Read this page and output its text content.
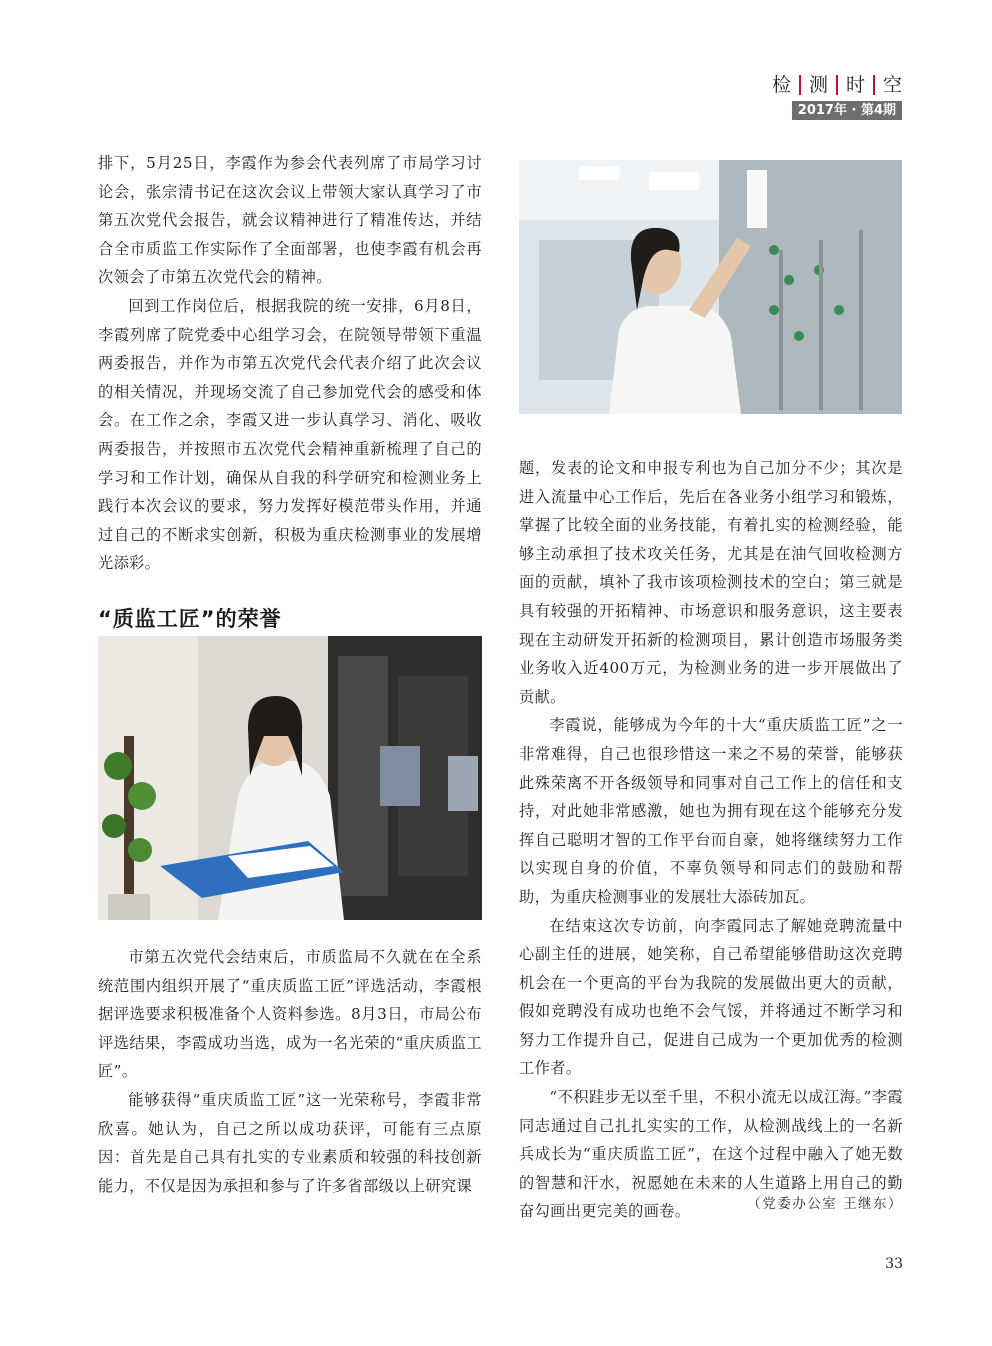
检 测 时 空
2017年 · 第4期

排下，5月25日，李霞作为参会代表列席了市局学习讨论会，张宗清书记在这次会议上带领大家认真学习了市第五次党代会报告，就会议精神进行了精准传达，并结合全市质监工作实际作了全面部署，也使李霞有机会再次领会了市第五次党代会的精神。

回到工作岗位后，根据我院的统一安排，6月8日，李霞列席了院党委中心组学习会，在院领导带领下重温两委报告，并作为市第五次党代会代表介绍了此次会议的相关情况，并现场交流了自己参加党代会的感受和体会。在工作之余，李霞又进一步认真学习、消化、吸收两委报告，并按照市五次党代会精神重新梳理了自己的学习和工作计划，确保从自我的科学研究和检测业务上践行本次会议的要求，努力发挥好模范带头作用，并通过自己的不断求实创新，积极为重庆检测事业的发展增光添彩。

“质监工匠”的荣誉

市第五次党代会结束后，市质监局不久就在在全系统范围内组织开展了“重庆质监工匠”评选活动，李霞根据评选要求积极准备个人资料参选。8月3日，市局公布评选结果，李霞成功当选，成为一名光荣的“重庆质监工匠”。

能够获得“重庆质监工匠”这一光荣称号，李霞非常欣喜。她认为，自己之所以成功获评，可能有三点原因：首先是自己具有扎实的专业素质和较强的科技创新能力，不仅是因为承担和参与了许多省部级以上研究课

题，发表的论文和申报专利也为自己加分不少；其次是进入流量中心工作后，先后在各业务小组学习和锻炼，掌握了比较全面的业务技能，有着扎实的检测经验，能够主动承担了技术攻关任务，尤其是在油气回收检测方面的贡献，填补了我市该项检测技术的空白；第三就是具有较强的开拓精神、市场意识和服务意识，这主要表现在主动研发开拓新的检测项目，累计创造市场服务类业务收入近400万元，为检测业务的进一步开展做出了贡献。

李霞说，能够成为今年的十大“重庆质监工匠”之一非常难得，自己也很珍惜这一来之不易的荣誉，能够获此殊荣离不开各级领导和同事对自己工作上的信任和支持，对此她非常感激，她也为拥有现在这个能够充分发挥自己聪明才智的工作平台而自豪，她将继续努力工作以实现自身的价值，不辜负领导和同志们的鼓励和帮助，为重庆检测事业的发展壮大添砖加瓦。

在结束这次专访前，向李霞同志了解她竞聘流量中心副主任的进展，她笑称，自己希望能够借助这次竞聘机会在一个更高的平台为我院的发展做出更大的贡献，假如竞聘没有成功也绝不会气馁，并将通过不断学习和努力工作提升自己，促进自己成为一个更加优秀的检测工作者。

“不积跬步无以至千里，不积小流无以成江海。”李霞同志通过自己扎扎实实的工作，从检测战线上的一名新兵成长为“重庆质监工匠”，在这个过程中融入了她无数的智慧和汗水，祝愿她在未来的人生道路上用自己的勤奋勾画出更完美的画卷。	（党委办公室 王继东）
33
